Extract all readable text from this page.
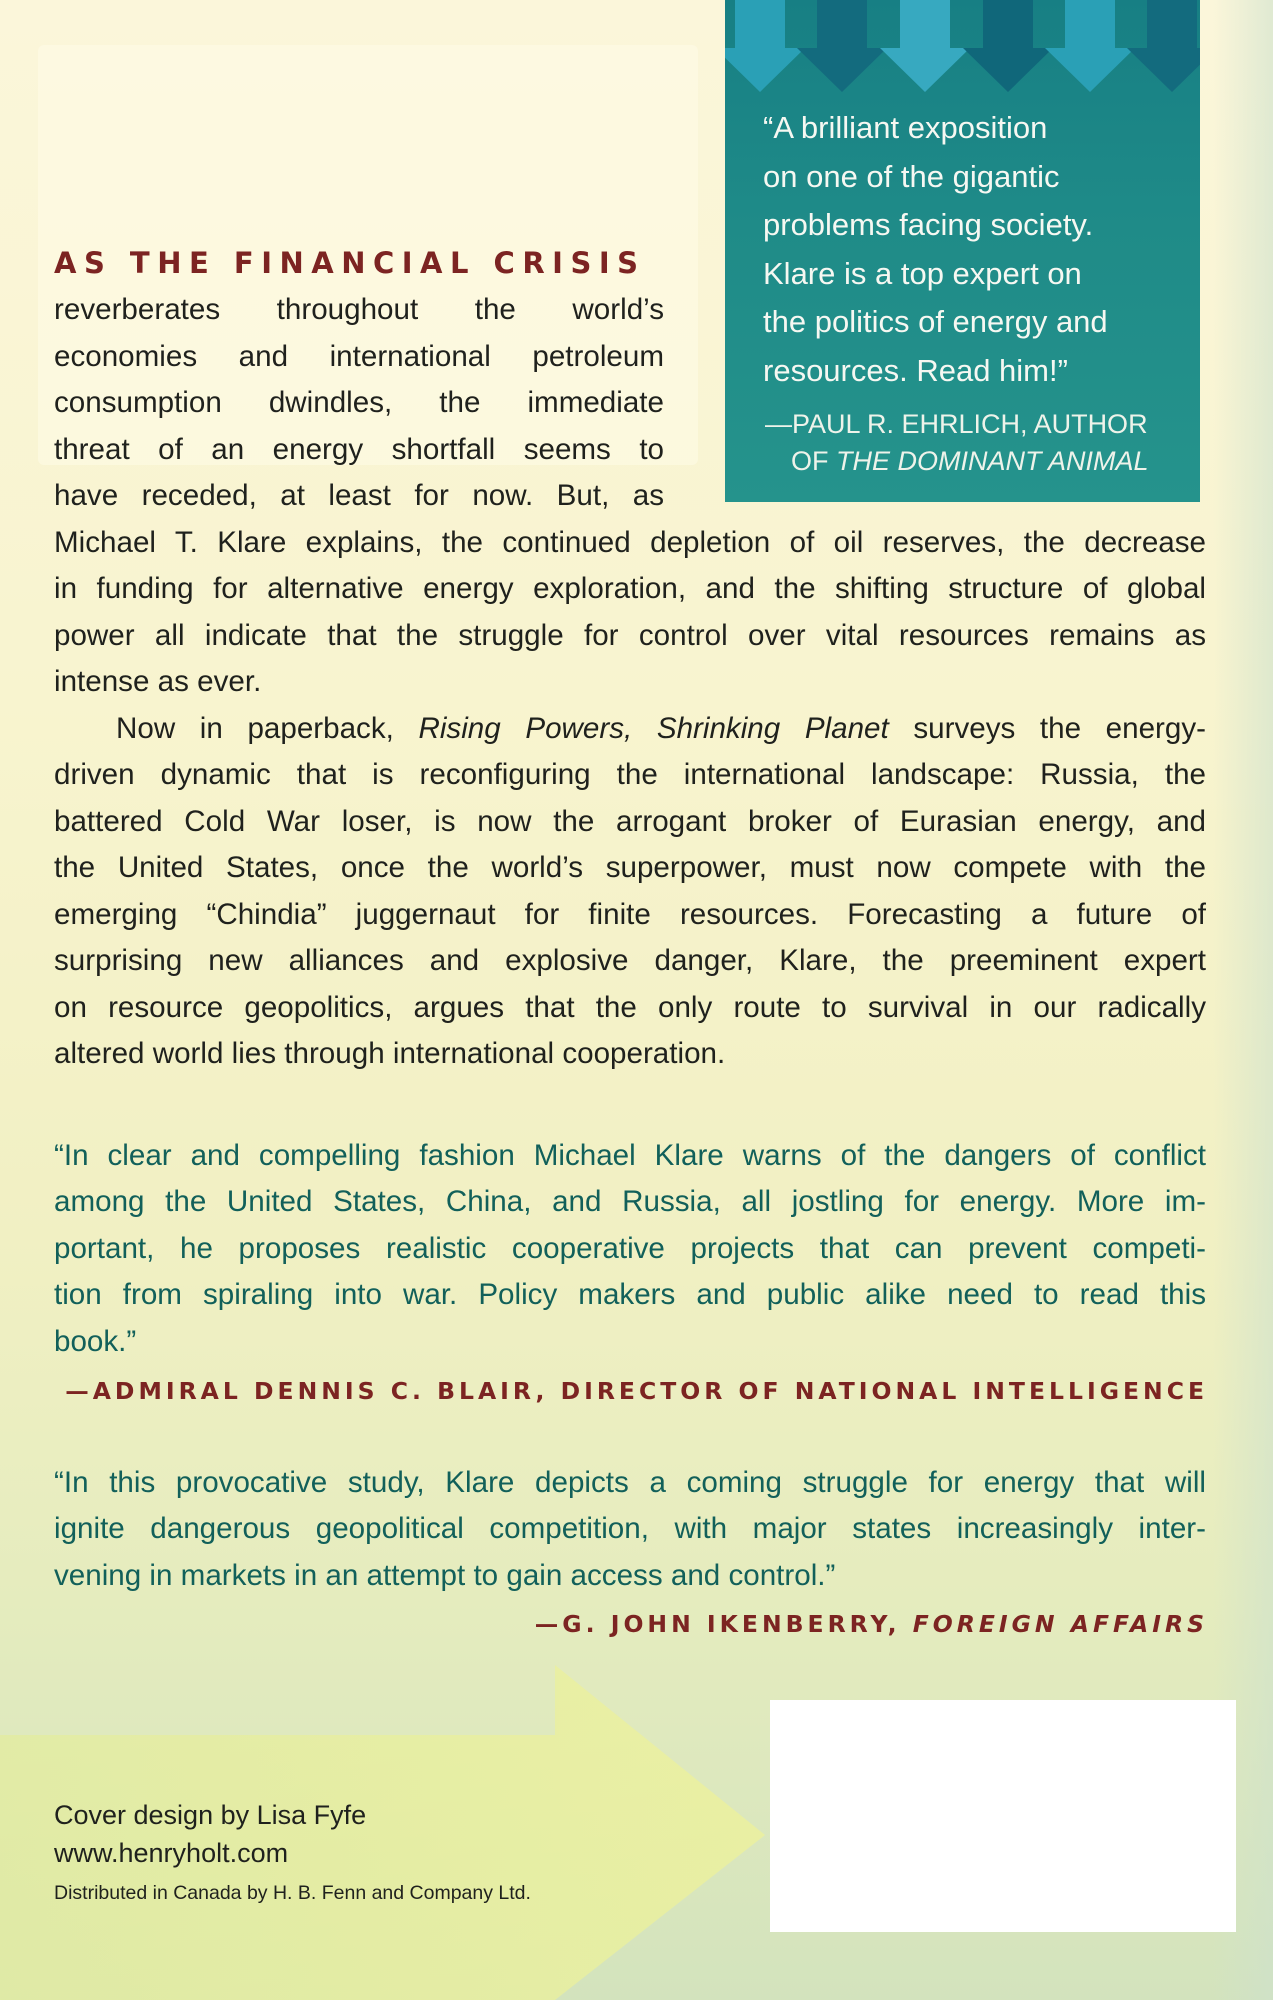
“A brilliant exposition
on one of the gigantic
problems facing society.
Klare is a top expert on
the politics of energy and
resources. Read him!”
—PAUL R. EHRLICH, AUTHOR
OF THE DOMINANT ANIMAL
AS THE FINANCIAL CRISIS
reverberates throughout the world’s
economies and international petroleum
consumption dwindles, the immediate
threat of an energy shortfall seems to
have receded, at least for now. But, as
Michael T. Klare explains, the continued depletion of oil reserves, the decrease
in funding for alternative energy exploration, and the shifting structure of global
power all indicate that the struggle for control over vital resources remains as
intense as ever.
Now in paperback, Rising Powers, Shrinking Planet surveys the energy-
driven dynamic that is reconfiguring the international landscape: Russia, the
battered Cold War loser, is now the arrogant broker of Eurasian energy, and
the United States, once the world’s superpower, must now compete with the
emerging “Chindia” juggernaut for finite resources. Forecasting a future of
surprising new alliances and explosive danger, Klare, the preeminent expert
on resource geopolitics, argues that the only route to survival in our radically
altered world lies through international cooperation.
“In clear and compelling fashion Michael Klare warns of the dangers of conflict
among the United States, China, and Russia, all jostling for energy. More im-
portant, he proposes realistic cooperative projects that can prevent competi-
tion from spiraling into war. Policy makers and public alike need to read this
book.”
—ADMIRAL DENNIS C. BLAIR, DIRECTOR OF NATIONAL INTELLIGENCE
“In this provocative study, Klare depicts a coming struggle for energy that will
ignite dangerous geopolitical competition, with major states increasingly inter-
vening in markets in an attempt to gain access and control.”
—G. JOHN IKENBERRY, FOREIGN AFFAIRS
Cover design by Lisa Fyfe
www.henryholt.com
Distributed in Canada by H. B. Fenn and Company Ltd.
